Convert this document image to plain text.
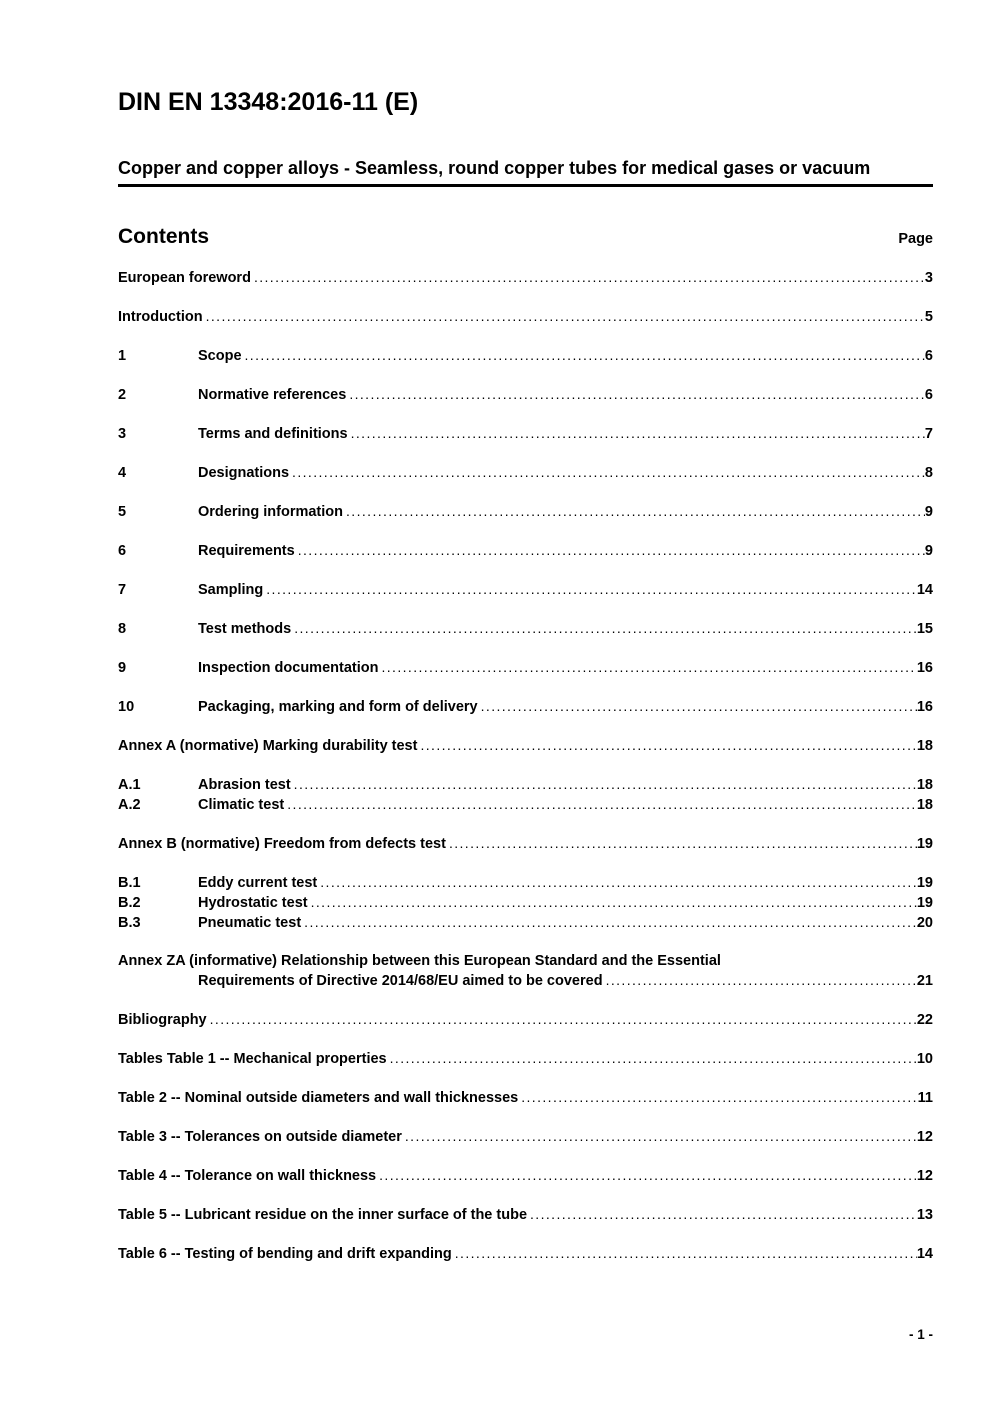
DIN EN 13348:2016-11 (E)
Copper and copper alloys - Seamless, round copper tubes for medical gases or vacuum
Contents	Page
European foreword .....	3
Introduction .....	5
1	Scope .....	6
2	Normative references .....	6
3	Terms and definitions .....	7
4	Designations .....	8
5	Ordering information .....	9
6	Requirements .....	9
7	Sampling .....	14
8	Test methods .....	15
9	Inspection documentation .....	16
10	Packaging, marking and form of delivery .....	16
Annex A (normative) Marking durability test .....	18
A.1	Abrasion test .....	18
A.2	Climatic test .....	18
Annex B (normative) Freedom from defects test .....	19
B.1	Eddy current test .....	19
B.2	Hydrostatic test .....	19
B.3	Pneumatic test .....	20
Annex ZA (informative) Relationship between this European Standard and the Essential
Requirements of Directive 2014/68/EU aimed to be covered .....	21
Bibliography .....	22
Tables Table 1 -- Mechanical properties .....	10
Table 2 -- Nominal outside diameters and wall thicknesses .....	11
Table 3 -- Tolerances on outside diameter .....	12
Table 4 -- Tolerance on wall thickness .....	12
Table 5 -- Lubricant residue on the inner surface of the tube .....	13
Table 6 -- Testing of bending and drift expanding .....	14
- 1 -
